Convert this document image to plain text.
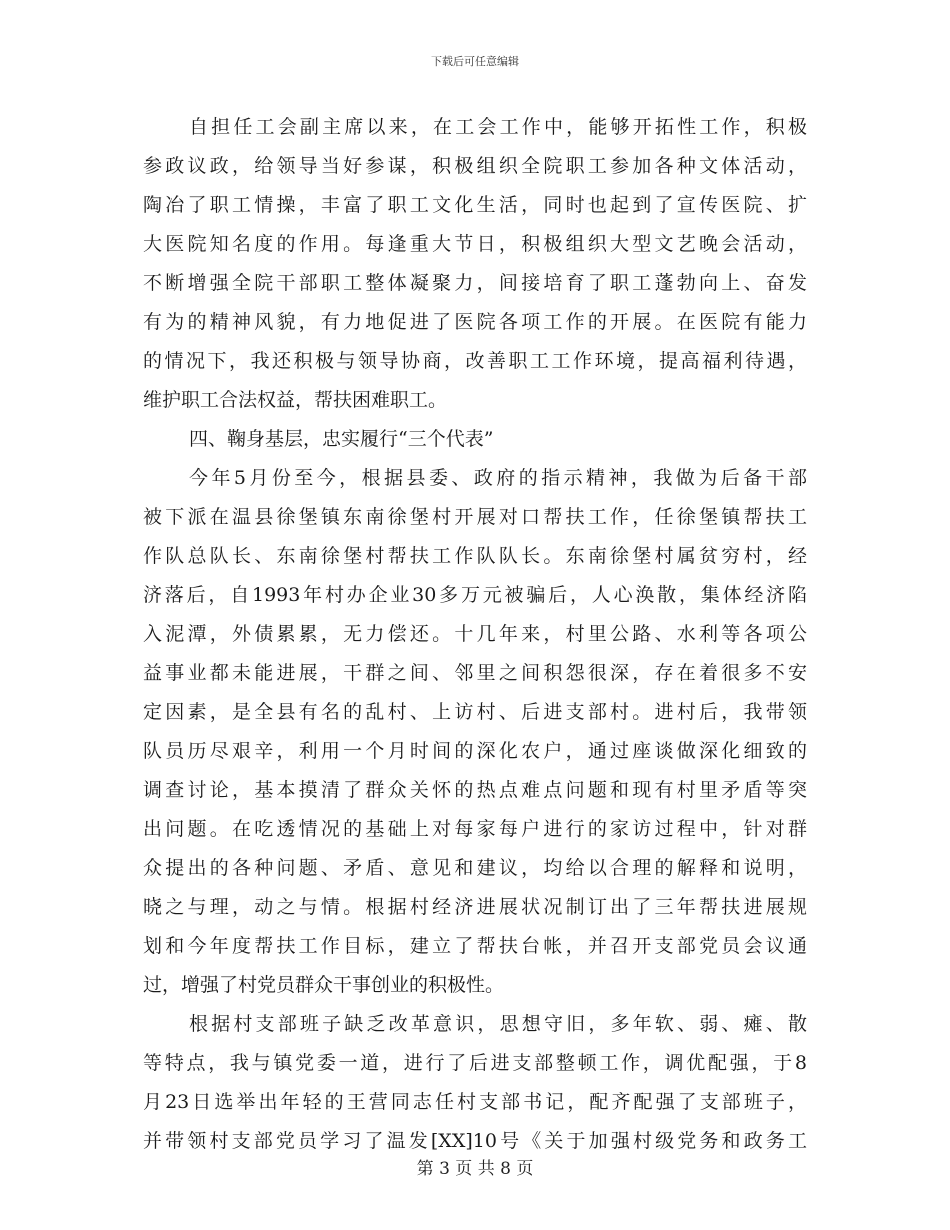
下载后可任意编辑
自担任工会副主席以来，在工会工作中，能够开拓性工作，积极
参政议政，给领导当好参谋，积极组织全院职工参加各种文体活动，
陶冶了职工情操，丰富了职工文化生活，同时也起到了宣传医院、扩
大医院知名度的作用。每逢重大节日，积极组织大型文艺晚会活动，
不断增强全院干部职工整体凝聚力，间接培育了职工蓬勃向上、奋发
有为的精神风貌，有力地促进了医院各项工作的开展。在医院有能力
的情况下，我还积极与领导协商，改善职工工作环境，提高福利待遇，
维护职工合法权益，帮扶困难职工。
四、鞠身基层，忠实履行“三个代表”
今年5月份至今，根据县委、政府的指示精神，我做为后备干部
被下派在温县徐堡镇东南徐堡村开展对口帮扶工作，任徐堡镇帮扶工
作队总队长、东南徐堡村帮扶工作队队长。东南徐堡村属贫穷村，经
济落后，自1993年村办企业30多万元被骗后，人心涣散，集体经济陷
入泥潭，外债累累，无力偿还。十几年来，村里公路、水利等各项公
益事业都未能进展，干群之间、邻里之间积怨很深，存在着很多不安
定因素，是全县有名的乱村、上访村、后进支部村。进村后，我带领
队员历尽艰辛，利用一个月时间的深化农户，通过座谈做深化细致的
调查讨论，基本摸清了群众关怀的热点难点问题和现有村里矛盾等突
出问题。在吃透情况的基础上对每家每户进行的家访过程中，针对群
众提出的各种问题、矛盾、意见和建议，均给以合理的解释和说明，
晓之与理，动之与情。根据村经济进展状况制订出了三年帮扶进展规
划和今年度帮扶工作目标，建立了帮扶台帐，并召开支部党员会议通
过，增强了村党员群众干事创业的积极性。
根据村支部班子缺乏改革意识，思想守旧，多年软、弱、瘫、散
等特点，我与镇党委一道，进行了后进支部整顿工作，调优配强，于8
月23日选举出年轻的王营同志任村支部书记，配齐配强了支部班子，
并带领村支部党员学习了温发[XX]10号《关于加强村级党务和政务工
第 3 页 共 8 页
